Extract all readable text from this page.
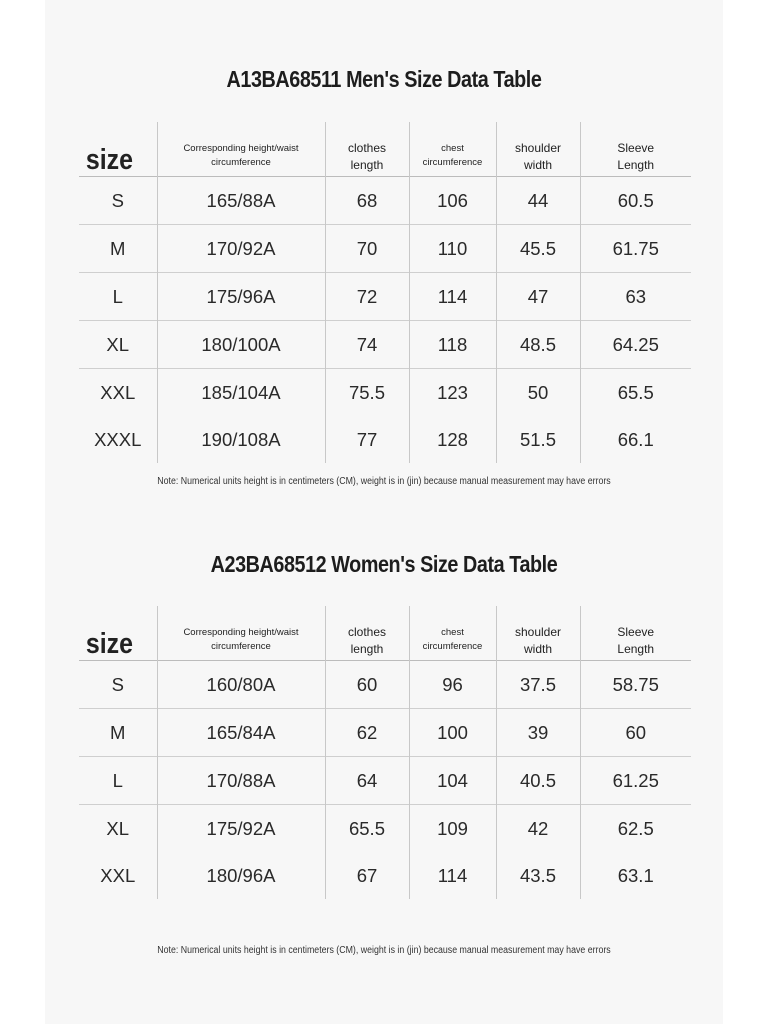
A13BA68511 Men's Size Data Table
size	Corresponding height/waist circumference	clothes length	chest circumference	shoulder width	Sleeve Length
S	165/88A	68	106	44	60.5
M	170/92A	70	110	45.5	61.75
L	175/96A	72	114	47	63
XL	180/100A	74	118	48.5	64.25
XXL	185/104A	75.5	123	50	65.5
XXXL	190/108A	77	128	51.5	66.1
Note: Numerical units height is in centimeters (CM), weight is in (jin) because manual measurement may have errors
A23BA68512 Women's Size Data Table
size	Corresponding height/waist circumference	clothes length	chest circumference	shoulder width	Sleeve Length
S	160/80A	60	96	37.5	58.75
M	165/84A	62	100	39	60
L	170/88A	64	104	40.5	61.25
XL	175/92A	65.5	109	42	62.5
XXL	180/96A	67	114	43.5	63.1
Note: Numerical units height is in centimeters (CM), weight is in (jin) because manual measurement may have errors
